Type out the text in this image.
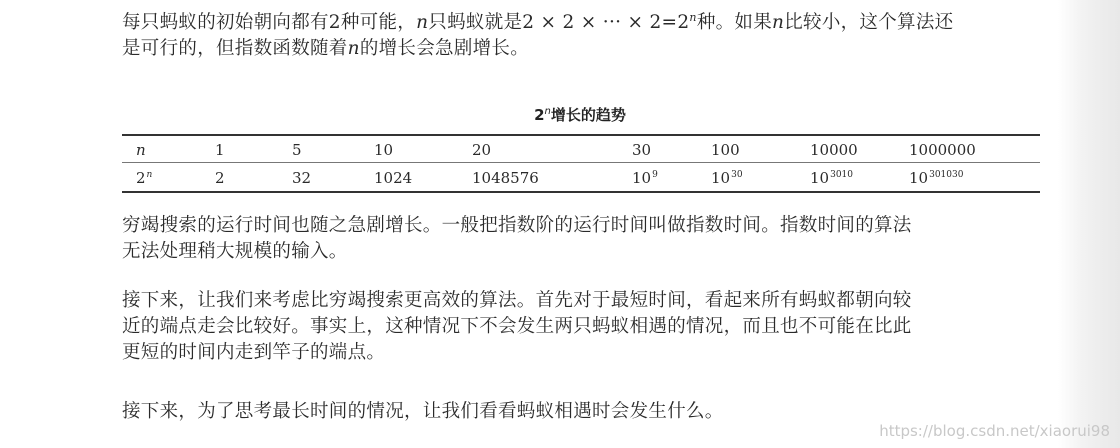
每只蚂蚁的初始朝向都有2种可能，n只蚂蚁就是2 × 2 × ··· × $2=2^n$种。如果n比较小，这个算法还
是可行的，但指数函数随着n的增长会急剧增长。

2$^n$增长的趋势
n	1	5	10	20	30	100	10000	1000000
2$^n$	2	32	1024	1048576	$10^9$	$10^{30}$	$10^{3010}$	$10^{301030}$

穷竭搜索的运行时间也随之急剧增长。一般把指数阶的运行时间叫做指数时间。指数时间的算法
无法处理稍大规模的输入。

接下来，让我们来考虑比穷竭搜索更高效的算法。首先对于最短时间，看起来所有蚂蚁都朝向较
近的端点走会比较好。事实上，这种情况下不会发生两只蚂蚁相遇的情况，而且也不可能在比此
更短的时间内走到竿子的端点。

接下来，为了思考最长时间的情况，让我们看看蚂蚁相遇时会发生什么。

https://blog.csdn.net/xiaorui98
